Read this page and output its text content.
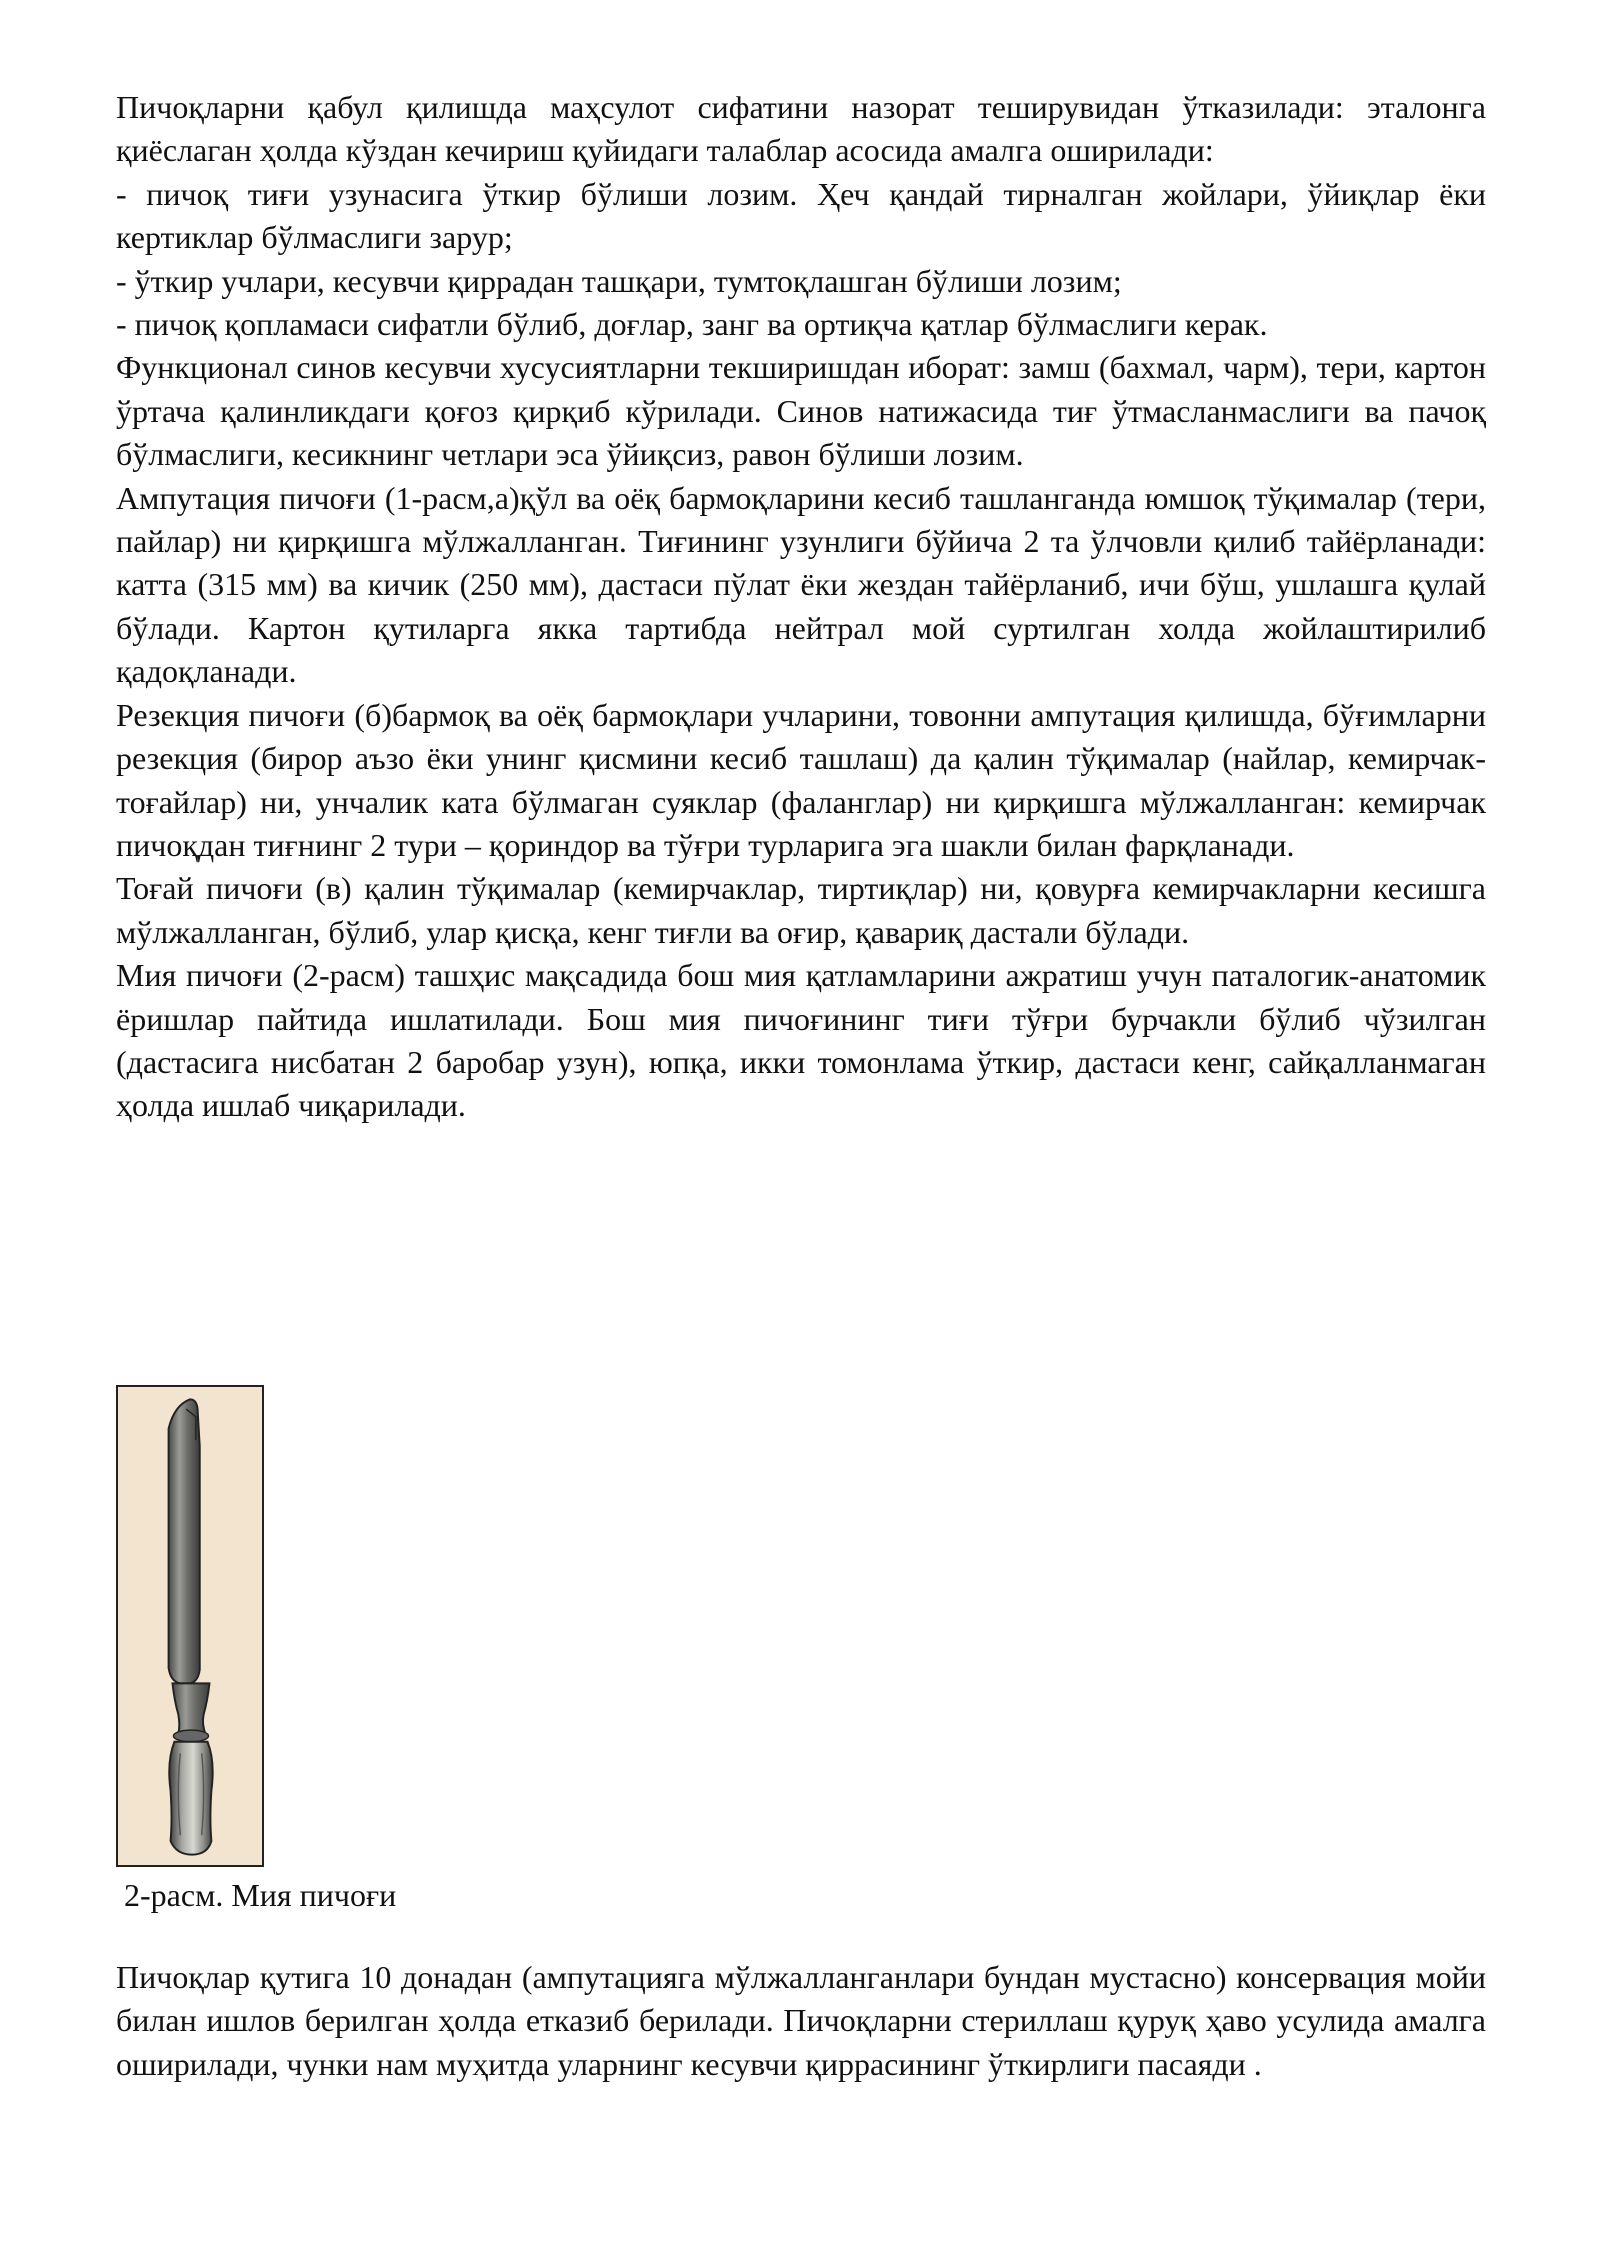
Пичоқларни қабул қилишда маҳсулот сифатини назорат теширувидан ўтказилади: эталонга қиёслаган ҳолда кўздан кечириш қуйидаги талаблар асосида амалга оширилади:

- пичоқ тиғи узунасига ўткир бўлиши лозим. Ҳеч қандай тирналган жойлари, ўйиқлар ёки кертиклар бўлмаслиги зарур;

- ўткир учлари, кесувчи қиррадан ташқари, тумтоқлашган бўлиши лозим;

- пичоқ қопламаси сифатли бўлиб, доғлар, занг ва ортиқча қатлар бўлмаслиги керак.

Функционал синов кесувчи хусусиятларни текширишдан иборат: замш (бахмал, чарм), тери, картон ўртача қалинликдаги қоғоз қирқиб кўрилади. Синов натижасида тиғ ўтмасланмаслиги ва пачоқ бўлмаслиги, кесикнинг четлари эса ўйиқсиз, равон бўлиши лозим.

Ампутация пичоғи (1-расм,а)қўл ва оёқ бармоқларини кесиб ташланганда юмшоқ тўқималар (тери, пайлар) ни қирқишга мўлжалланган. Тиғининг узунлиги бўйича 2 та ўлчовли қилиб тайёрланади: катта (315 мм) ва кичик (250 мм), дастаси пўлат ёки жездан тайёрланиб, ичи бўш, ушлашга қулай бўлади. Картон қутиларга якка тартибда нейтрал мой суртилган холда жойлаштирилиб қадоқланади.

Резекция пичоғи (б)бармоқ ва оёқ бармоқлари учларини, товонни ампутация қилишда, бўғимларни резекция (бирор аъзо ёки унинг қисмини кесиб ташлаш) да қалин тўқималар (найлар, кемирчак-тоғайлар) ни, унчалик ката бўлмаган суяклар (фаланглар) ни қирқишга мўлжалланган: кемирчак пичоқдан тиғнинг 2 тури – қориндор ва тўғри турларига эга шакли билан фарқланади.

Тоғай пичоғи (в) қалин тўқималар (кемирчаклар, тиртиқлар) ни, қовурға кемирчакларни кесишга мўлжалланган, бўлиб, улар қисқа, кенг тиғли ва оғир, қавариқ дастали бўлади.

Мия пичоғи (2-расм) ташҳис мақсадида бош мия қатламларини ажратиш учун паталогик-анатомик ёришлар пайтида ишлатилади. Бош мия пичоғининг тиғи тўғри бурчакли бўлиб чўзилган (дастасига нисбатан 2 баробар узун), юпқа, икки томонлама ўткир, дастаси кенг, сайқалланмаган ҳолда ишлаб чиқарилади.

2-расм. Мия пичоғи

Пичоқлар қутига 10 донадан (ампутацияга мўлжалланганлари бундан мустасно) консервация мойи билан ишлов берилган ҳолда етказиб берилади. Пичоқларни стериллаш қуруқ ҳаво усулида амалга оширилади, чунки нам муҳитда уларнинг кесувчи қиррасининг ўткирлиги пасаяди .
